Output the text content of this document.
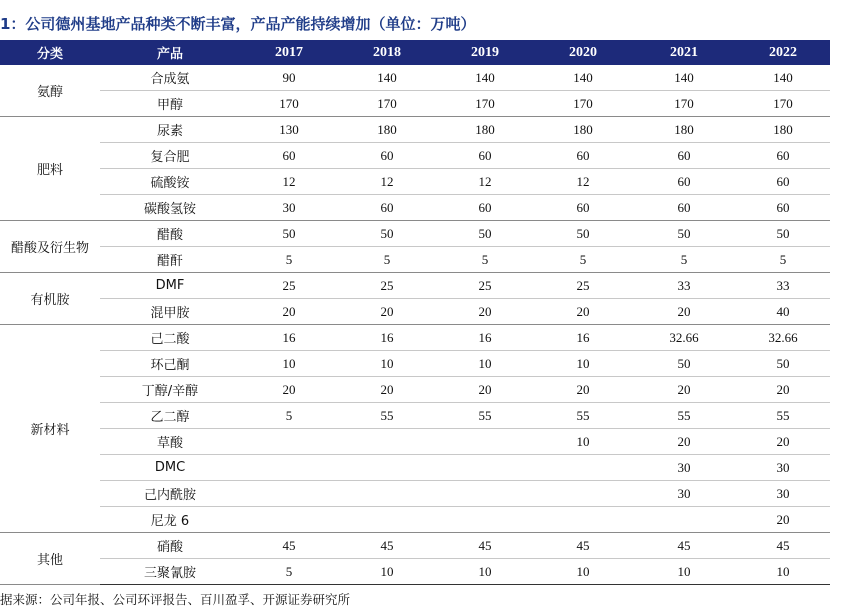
1：公司德州基地产品种类不断丰富，产品产能持续增加（单位：万吨）
分类	产品	2017	2018	2019	2020	2021	2022
氨醇	合成氨	90	140	140	140	140	140
	甲醇	170	170	170	170	170	170
肥料	尿素	130	180	180	180	180	180
	复合肥	60	60	60	60	60	60
	硫酸铵	12	12	12	12	60	60
	碳酸氢铵	30	60	60	60	60	60
醋酸及衍生物	醋酸	50	50	50	50	50	50
	醋酐	5	5	5	5	5	5
有机胺	DMF	25	25	25	25	33	33
	混甲胺	20	20	20	20	20	40
新材料	己二酸	16	16	16	16	32.66	32.66
	环己酮	10	10	10	10	50	50
	丁醇/辛醇	20	20	20	20	20	20
	乙二醇	5	55	55	55	55	55
	草酸				10	20	20
	DMC					30	30
	己内酰胺					30	30
	尼龙 6						20
其他	硝酸	45	45	45	45	45	45
	三聚氰胺	5	10	10	10	10	10
据来源：公司年报、公司环评报告、百川盈孚、开源证券研究所
